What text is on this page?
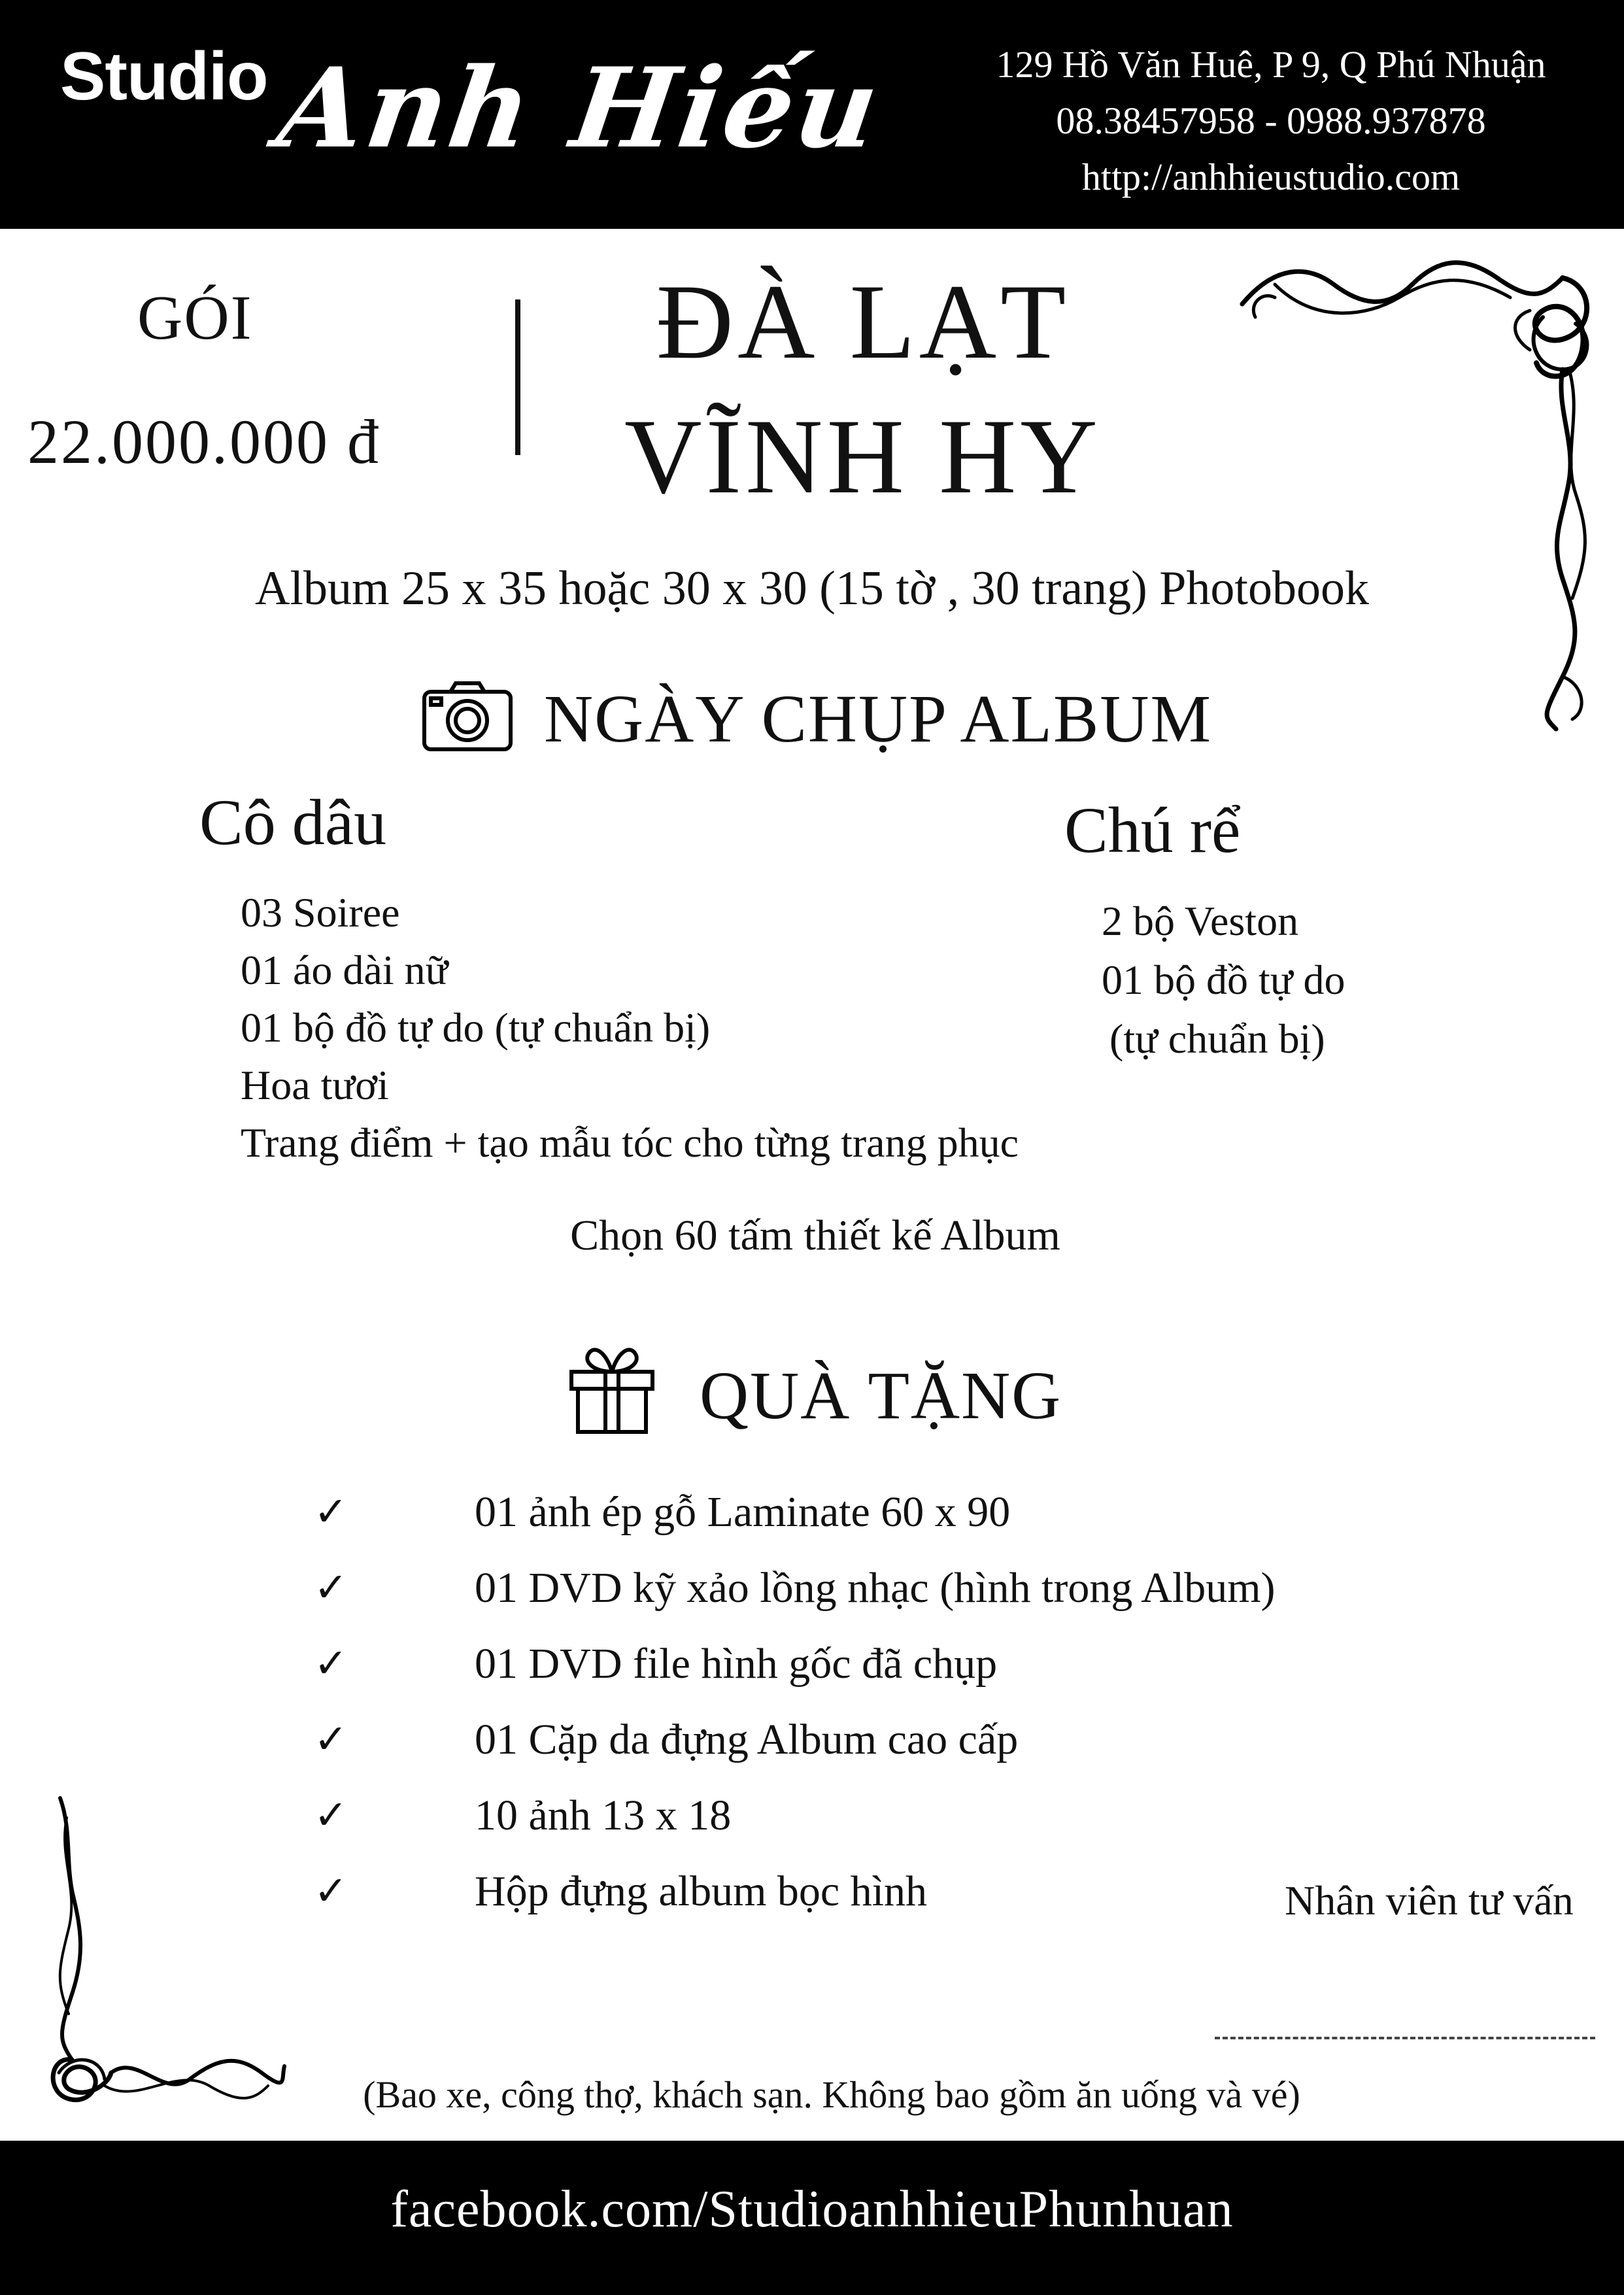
Studio Anh Hiếu	129 Hồ Văn Huê, P 9, Q Phú Nhuận
08.38457958 - 0988.937878
http://anhhieustudio.com
GÓI
22.000.000 đ
ĐÀ LẠT
VĨNH HY
Album 25 x 35 hoặc 30 x 30 (15 tờ , 30 trang) Photobook
NGÀY CHỤP ALBUM
Cô dâu
03 Soiree
01 áo dài nữ
01 bộ đồ tự do (tự chuẩn bị)
Hoa tươi
Trang điểm + tạo mẫu tóc cho từng trang phục
Chú rể
2 bộ Veston
01 bộ đồ tự do
(tự chuẩn bị)
Chọn 60 tấm thiết kế Album
QUÀ TẶNG
✓	01 ảnh ép gỗ Laminate 60 x 90
✓	01 DVD kỹ xảo lồng nhạc (hình trong Album)
✓	01 DVD file hình gốc đã chụp
✓	01 Cặp da đựng Album cao cấp
✓	10 ảnh 13 x 18
✓	Hộp đựng album bọc hình	Nhân viên tư vấn
(Bao xe, công thợ, khách sạn. Không bao gồm ăn uống và vé)
facebook.com/StudioanhhieuPhunhuan
